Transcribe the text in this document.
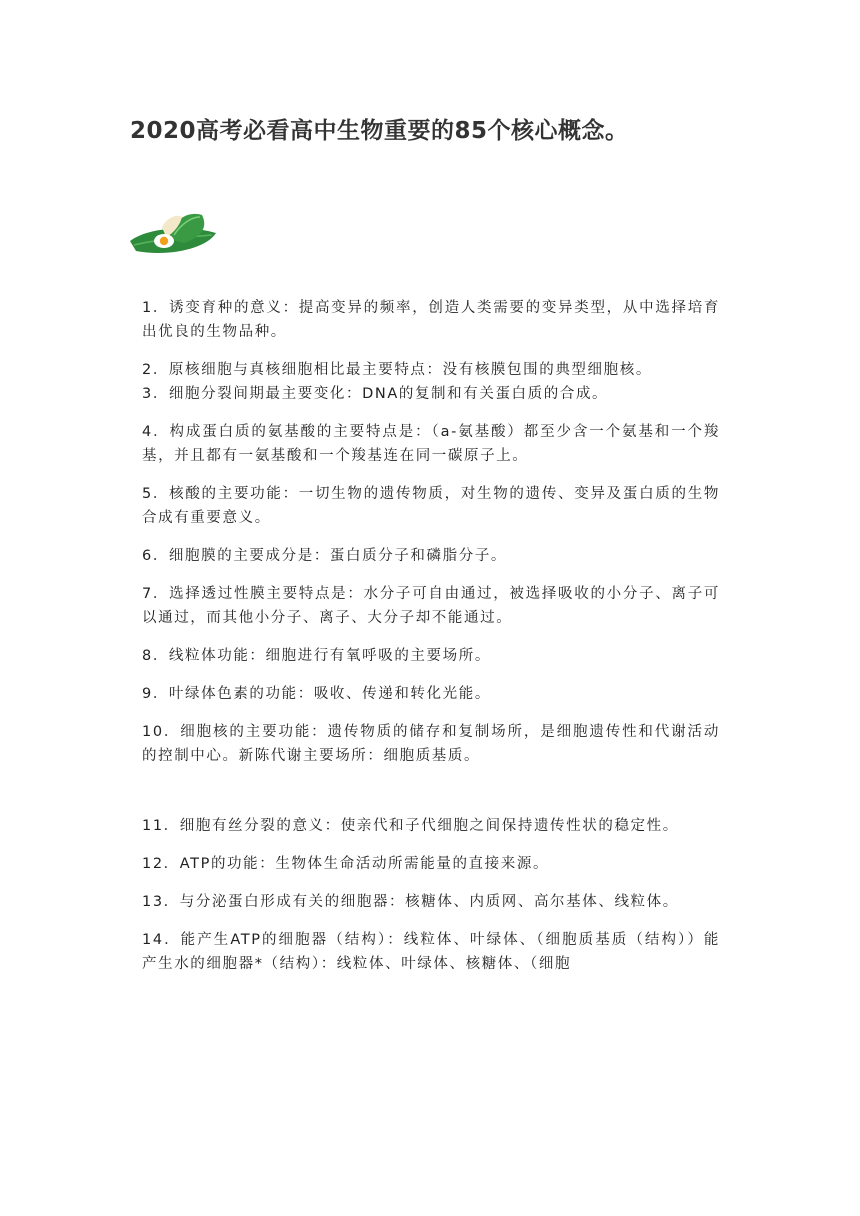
2020高考必看高中生物重要的85个核心概念。

1．诱变育种的意义：提高变异的频率，创造人类需要的变异类型，从中选择培育出优良的生物品种。

2．原核细胞与真核细胞相比最主要特点：没有核膜包围的典型细胞核。

3．细胞分裂间期最主要变化：DNA的复制和有关蛋白质的合成。

4．构成蛋白质的氨基酸的主要特点是：（a-氨基酸）都至少含一个氨基和一个羧基，并且都有一氨基酸和一个羧基连在同一碳原子上。

5．核酸的主要功能：一切生物的遗传物质，对生物的遗传、变异及蛋白质的生物合成有重要意义。

6．细胞膜的主要成分是：蛋白质分子和磷脂分子。

7．选择透过性膜主要特点是：水分子可自由通过，被选择吸收的小分子、离子可以通过，而其他小分子、离子、大分子却不能通过。

8．线粒体功能：细胞进行有氧呼吸的主要场所。

9．叶绿体色素的功能：吸收、传递和转化光能。

10．细胞核的主要功能：遗传物质的储存和复制场所，是细胞遗传性和代谢活动的控制中心。新陈代谢主要场所：细胞质基质。

11．细胞有丝分裂的意义：使亲代和子代细胞之间保持遗传性状的稳定性。

12．ATP的功能：生物体生命活动所需能量的直接来源。

13．与分泌蛋白形成有关的细胞器：核糖体、内质网、高尔基体、线粒体。

14．能产生ATP的细胞器（结构）：线粒体、叶绿体、（细胞质基质（结构））能产生水的细胞器*（结构）：线粒体、叶绿体、核糖体、（细胞
